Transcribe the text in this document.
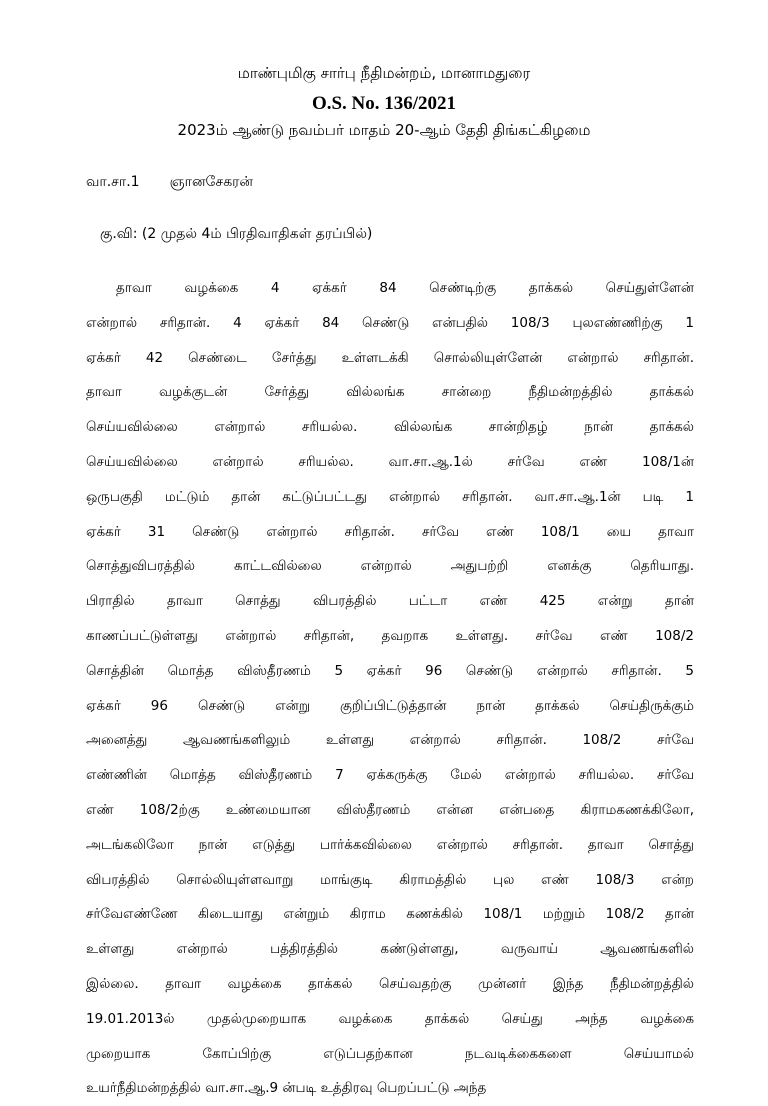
மாண்புமிகு சார்பு நீதிமன்றம், மானாமதுரை
O.S. No. 136/2021
2023ம் ஆண்டு நவம்பர் மாதம் 20-ஆம் தேதி திங்கட்கிழமை
வா.சா.1 ஞானசேகரன்
கு.வி: (2 முதல் 4ம் பிரதிவாதிகள் தரப்பில்)
தாவா வழக்கை 4 ஏக்கர் 84 செண்டிற்கு தாக்கல் செய்துள்ளேன்
என்றால் சரிதான். 4 ஏக்கர் 84 செண்டு என்பதில் 108/3 புலஎண்ணிற்கு 1
ஏக்கர் 42 செண்டை சேர்த்து உள்ளடக்கி சொல்லியுள்ளேன் என்றால் சரிதான்.
தாவா வழக்குடன் சேர்த்து வில்லங்க சான்றை நீதிமன்றத்தில் தாக்கல்
செய்யவில்லை என்றால் சரியல்ல. வில்லங்க சான்றிதழ் நான் தாக்கல்
செய்யவில்லை என்றால் சரியல்ல. வா.சா.ஆ.1ல் சர்வே எண் 108/1ன்
ஒருபகுதி மட்டும் தான் கட்டுப்பட்டது என்றால் சரிதான். வா.சா.ஆ.1ன் படி 1
ஏக்கர் 31 செண்டு என்றால் சரிதான். சர்வே எண் 108/1 யை தாவா
சொத்துவிபரத்தில் காட்டவில்லை என்றால் அதுபற்றி எனக்கு தெரியாது.
பிராதில் தாவா சொத்து விபரத்தில் பட்டா எண் 425 என்று தான்
காணப்பட்டுள்ளது என்றால் சரிதான், தவறாக உள்ளது. சர்வே எண் 108/2
சொத்தின் மொத்த விஸ்தீரணம் 5 ஏக்கர் 96 செண்டு என்றால் சரிதான். 5
ஏக்கர் 96 செண்டு என்று குறிப்பிட்டுத்தான் நான் தாக்கல் செய்திருக்கும்
அனைத்து ஆவணங்களிலும் உள்ளது என்றால் சரிதான். 108/2 சர்வே
எண்ணின் மொத்த விஸ்தீரணம் 7 ஏக்கருக்கு மேல் என்றால் சரியல்ல. சர்வே
எண் 108/2ற்கு உண்மையான விஸ்தீரணம் என்ன என்பதை கிராமகணக்கிலோ,
அடங்கலிலோ நான் எடுத்து பார்க்கவில்லை என்றால் சரிதான். தாவா சொத்து
விபரத்தில் சொல்லியுள்ளவாறு மாங்குடி கிராமத்தில் புல எண் 108/3 என்ற
சர்வேஎண்ணே கிடையாது என்றும் கிராம கணக்கில் 108/1 மற்றும் 108/2 தான்
உள்ளது என்றால் பத்திரத்தில் கண்டுள்ளது, வருவாய் ஆவணங்களில்
இல்லை. தாவா வழக்கை தாக்கல் செய்வதற்கு முன்னர் இந்த நீதிமன்றத்தில்
19.01.2013ல் முதல்முறையாக வழக்கை தாக்கல் செய்து அந்த வழக்கை
முறையாக கோப்பிற்கு எடுப்பதற்கான நடவடிக்கைகளை செய்யாமல்
உயர்நீதிமன்றத்தில் வா.சா.ஆ.9 ன்படி உத்திரவு பெறப்பட்டு அந்த
